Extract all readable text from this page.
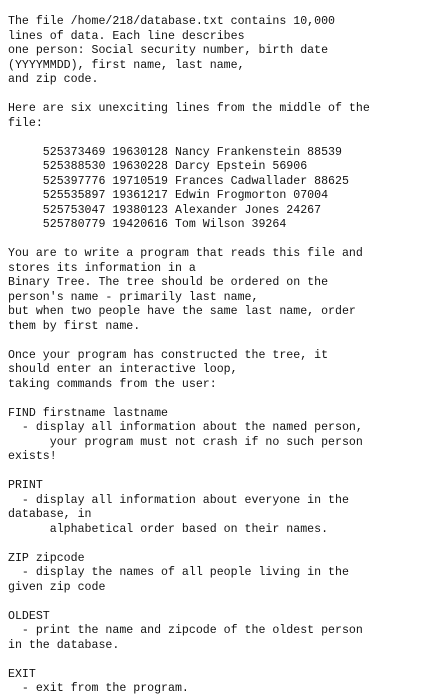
The file /home/218/database.txt contains 10,000
lines of data. Each line describes
one person: Social security number, birth date
(YYYYMMDD), first name, last name,
and zip code.
Here are six unexciting lines from the middle of the
file:
525373469 19630128 Nancy Frankenstein 88539
525388530 19630228 Darcy Epstein 56906
525397776 19710519 Frances Cadwallader 88625
525535897 19361217 Edwin Frogmorton 07004
525753047 19380123 Alexander Jones 24267
525780779 19420616 Tom Wilson 39264
You are to write a program that reads this file and
stores its information in a
Binary Tree. The tree should be ordered on the
person's name - primarily last name,
but when two people have the same last name, order
them by first name.
Once your program has constructed the tree, it
should enter an interactive loop,
taking commands from the user:
FIND firstname lastname
- display all information about the named person,
your program must not crash if no such person
exists!
PRINT
- display all information about everyone in the
database, in
alphabetical order based on their names.
ZIP zipcode
- display the names of all people living in the
given zip code
OLDEST
- print the name and zipcode of the oldest person
in the database.
EXIT
- exit from the program.
